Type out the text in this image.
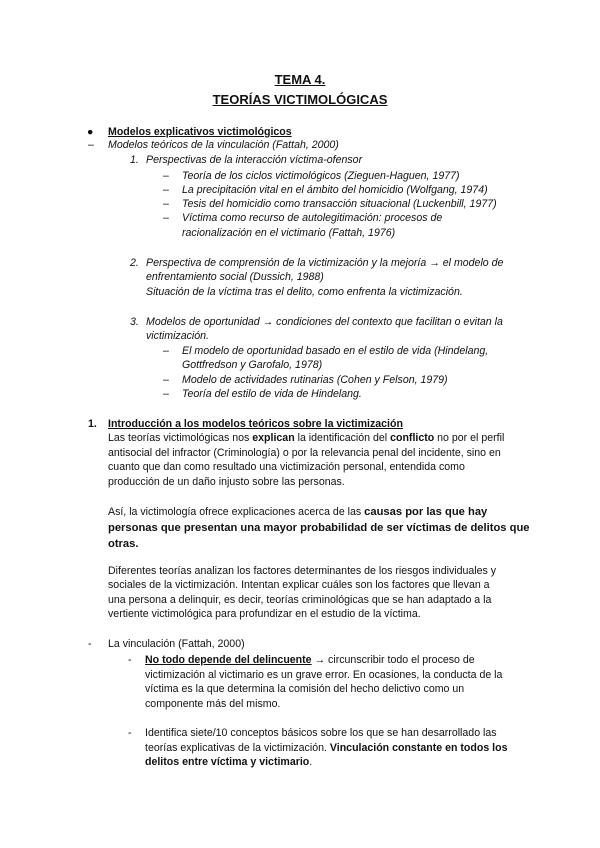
TEMA 4.
TEORÍAS VICTIMOLÓGICAS
● Modelos explicativos victimológicos
– Modelos teóricos de la vinculación (Fattah, 2000)
1. Perspectivas de la interacción víctima-ofensor
– Teoría de los ciclos victimológicos (Zieguen-Haguen, 1977)
– La precipitación vital en el ámbito del homicidio (Wolfgang, 1974)
– Tesis del homicidio como transacción situacional (Luckenbill, 1977)
– Víctima como recurso de autolegitimación: procesos de
racionalización en el victimario (Fattah, 1976)
2. Perspectiva de comprensión de la victimización y la mejoría → el modelo de
enfrentamiento social (Dussich, 1988)
Situación de la víctima tras el delito, como enfrenta la victimización.
3. Modelos de oportunidad → condiciones del contexto que facilitan o evitan la
victimización.
– El modelo de oportunidad basado en el estilo de vida (Hindelang,
Gottfredson y Garofalo, 1978)
– Modelo de actividades rutinarias (Cohen y Felson, 1979)
– Teoría del estilo de vida de Hindelang.
1. Introducción a los modelos teóricos sobre la victimización
Las teorías victimológicas nos explican la identificación del conflicto no por el perfil
antisocial del infractor (Criminología) o por la relevancia penal del incidente, sino en
cuanto que dan como resultado una victimización personal, entendida como
producción de un daño injusto sobre las personas.
Así, la victimología ofrece explicaciones acerca de las causas por las que hay
personas que presentan una mayor probabilidad de ser víctimas de delitos que
otras.
Diferentes teorías analizan los factores determinantes de los riesgos individuales y
sociales de la victimización. Intentan explicar cuáles son los factores que llevan a
una persona a delinquir, es decir, teorías criminológicas que se han adaptado a la
vertiente victimológica para profundizar en el estudio de la víctima.
- La vinculación (Fattah, 2000)
- No todo depende del delincuente → circunscribir todo el proceso de
victimización al victimario es un grave error. En ocasiones, la conducta de la
víctima es la que determina la comisión del hecho delictivo como un
componente más del mismo.
- Identifica siete/10 conceptos básicos sobre los que se han desarrollado las
teorías explicativas de la victimización. Vinculación constante en todos los
delitos entre víctima y victimario.
